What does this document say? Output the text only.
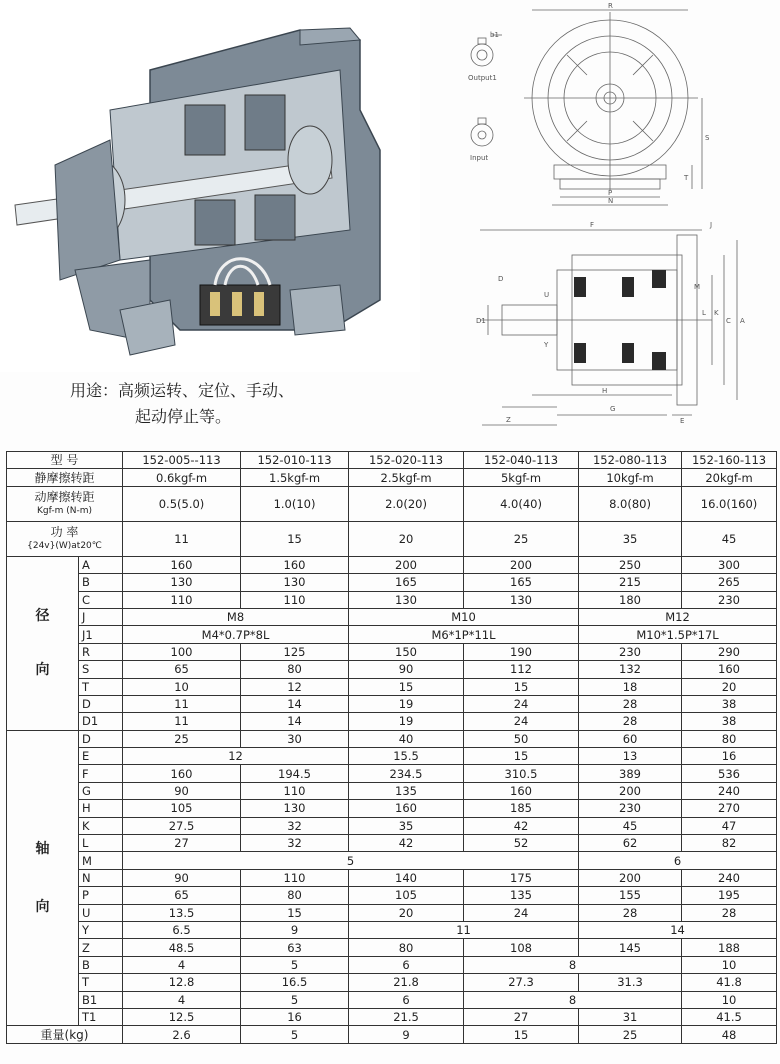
用途：高频运转、定位、手动、
起动停止等。
b1
Output1
Input
R
S
T
P
N
F
D
M
J
H
G
E
Z
D1	C A
L K
U
Y
型 号		152-005--113	152-010-113	152-020-113	152-040-113	152-080-113	152-160-113
静摩擦转距		0.6kgf-m	1.5kgf-m	2.5kgf-m	5kgf-m	10kgf-m	20kgf-m

动摩擦转距
Kgf-m (N-m)		0.5(5.0)	1.0(10)	2.0(20)	4.0(40)	8.0(80)	16.0(160)

功 率
{24v}(W)at20℃		11	15	20	25	35	45

径
向	A	160	160	200	200	250	300
	B	130	130	165	165	215	265
	C	110	110	130	130	180	230
	J	M8		M10		M12	
	J1	M4*0.7P*8L		M6*1P*11L		M10*1.5P*17L	
	R	100	125	150	190	230	290
	S	65	80	90	112	132	160
	T	10	12	15	15	18	20
	D	11	14	19	24	28	38
	D1	11	14	19	24	28	38

轴
向	D	25	30	40	50	60	80
	E	12		15.5	15	13	16
	F	160	194.5	234.5	310.5	389	536
	G	90	110	135	160	200	240
	H	105	130	160	185	230	270
	K	27.5	32	35	42	45	47
	L	27	32	42	52	62	82
	M	5				6	
	N	90	110	140	175	200	240
	P	65	80	105	135	155	195
	U	13.5	15	20	24	28	28
	Y	6.5	9	11		14	
	Z	48.5	63	80	108	145	188
	B	4	5	6	8		10
	T	12.8	16.5	21.8	27.3	31.3	41.8
	B1	4	5	6	8		10
	T1	12.5	16	21.5	27	31	41.5
重量(kg)		2.6	5	9	15	25	48
